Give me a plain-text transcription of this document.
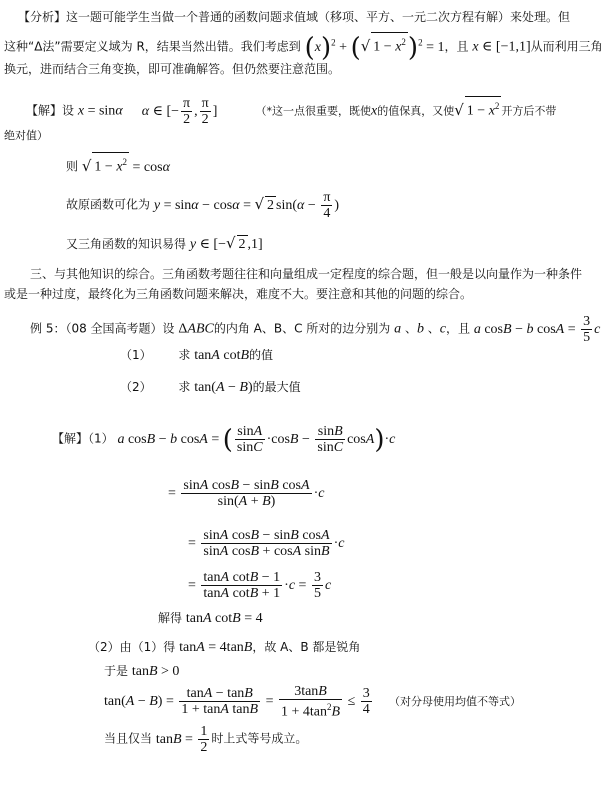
【分析】这一题可能学生当做一个普通的函数问题求值域（移项、平方、一元二次方程有解）来处理。但
这种“Δ法”需要定义域为 R，结果当然出错。我们考虑到 $(x)^2$ + (√ $1 - x^2)^2 = 1$，且 x ∈ [−1,1]从而利用三角
换元，进而结合三角变换，即可准确解答。但仍然要注意范围。
【解】设 x = sinα α ∈ [− $\frac{\pi}{2}$ , $\frac{\pi}{2}$ ]	（*这一点很重要，既使x的值保真，又使√ $1 - x^2$ 开方后不带
绝对值）
则 √ $1 - x^2 = \cos\alpha$
故原函数可化为 y = sinα − cosα = √ 2 $\sin(\alpha - \frac{\pi}{4}$ )
又三角函数的知识易得 y ∈ [−√ 2 ,1]
三、与其他知识的综合。三角函数考题往往和向量组成一定程度的综合题，但一般是以向量作为一种条件
或是一种过度，最终化为三角函数问题来解决，难度不大。要注意和其他的问题的综合。
例 5：（08 全国高考题）设 ΔABC的内角 A、B、C 所对的边分别为 a 、b 、c，且 a cosB − b $\cos A = \frac{3}{5}$ c
（1） 求 tanA cotB的值
（2） 求 tan(A − B)的最大值
【解】（1） a cosB − b cosA = ( $\frac{\sin A}{\sin C} \cdot\cos B - \frac{\sin B}{\sin C} \cos A)\cdot c$
= $\frac{\text{sinA cosB − sinB cosA}}{\sin(A + B)} \cdot c$
= $\frac{\text{sinA cosB − sinB cosA}}{\text{sinA cosB + cosA sinB}} \cdot c$
= $\frac{\text{tanA cotB − 1}}{\text{tanA cotB + 1}} \cdot c = \frac{3}{5}$ c
解得 tanA cotB = 4
（2）由（1）得 tanA = 4tanB，故 A、B 都是锐角
于是 tanB > 0
$\tan(A - B) = \frac{\tan A - \tan B}{\text{1 + tanA tanB}} = \frac{3\tan B}{1 + 4\tan^2B} \le \frac{3}{4}$ （对分母使用均值不等式）
当且仅当 $\tan B = \frac{1}{2}$ 时上式等号成立。
